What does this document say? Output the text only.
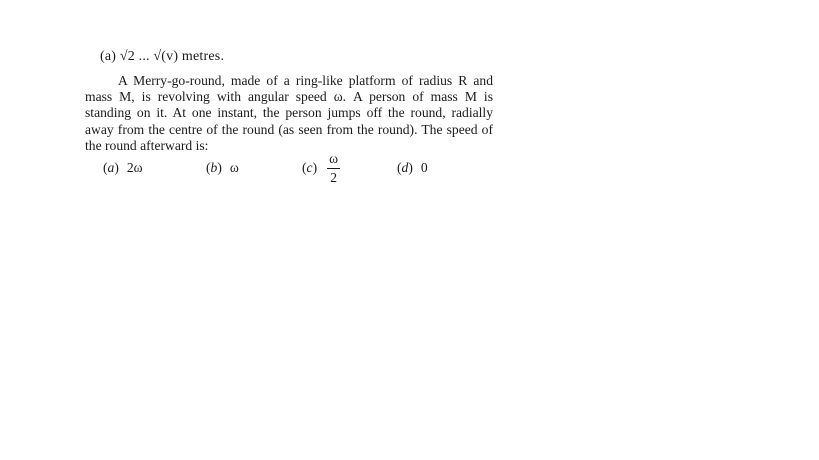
(a) √2 ... √(v) metres.

A Merry-go-round, made of a ring-like platform of radius R and mass M, is revolving with angular speed ω. A person of mass M is standing on it. At one instant, the person jumps off the round, radially away from the centre of the round (as seen from the round). The speed of the round afterward is:

(a) 2ω	(b) ω	$(c) \frac{\omega}{2}$	(d) 0
